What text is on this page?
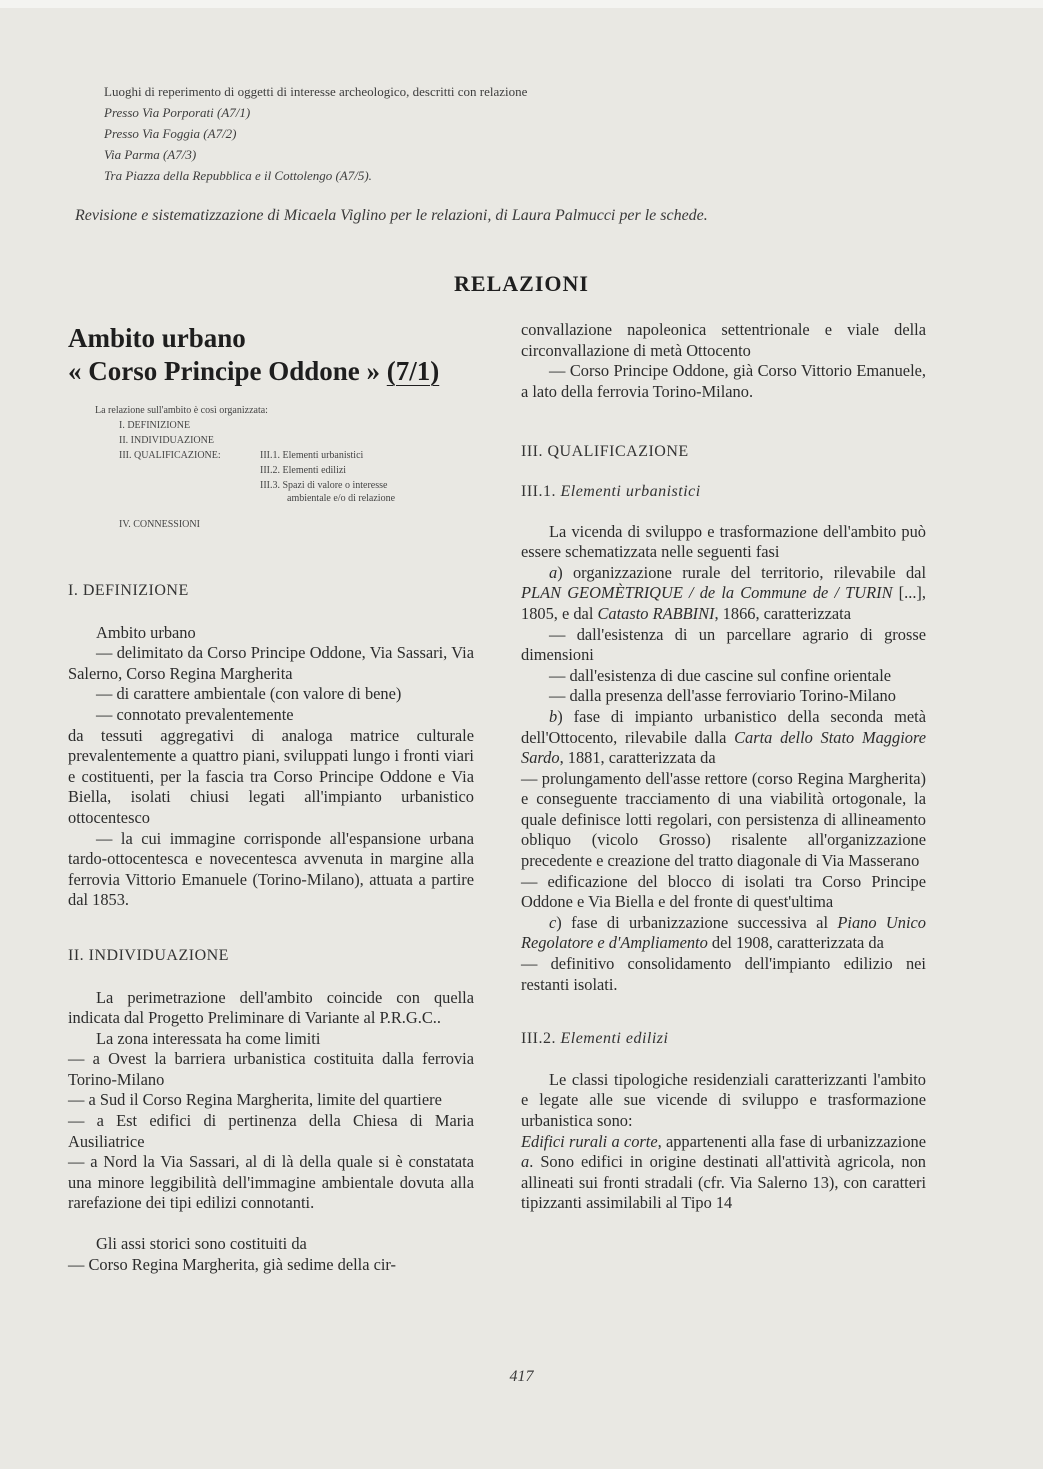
Luoghi di reperimento di oggetti di interesse archeologico, descritti con relazione

Presso Via Porporati (A7/1)

Presso Via Foggia (A7/2)

Via Parma (A7/3)

Tra Piazza della Repubblica e il Cottolengo (A7/5).

Revisione e sistematizzazione di Micaela Viglino per le relazioni, di Laura Palmucci per le schede.

RELAZIONI
Ambito urbano
« Corso Principe Oddone » (7/1)
La relazione sull'ambito è così organizzata:
I. DEFINIZIONE
II. INDIVIDUAZIONE
III. QUALIFICAZIONE:	III.1. Elementi urbanistici
III.2. Elementi edilizi
III.3. Spazi di valore o interesse
ambientale e/o di relazione
IV. CONNESSIONI
I. DEFINIZIONE

Ambito urbano

— delimitato da Corso Principe Oddone, Via Sassari, Via Salerno, Corso Regina Margherita

— di carattere ambientale (con valore di bene)

— connotato prevalentemente

da tessuti aggregativi di analoga matrice culturale prevalentemente a quattro piani, sviluppati lungo i fronti viari e costituenti, per la fascia tra Corso Principe Oddone e Via Biella, isolati chiusi legati all'impianto urbanistico ottocentesco

— la cui immagine corrisponde all'espansione urbana tardo-ottocentesca e novecentesca avvenuta in margine alla ferrovia Vittorio Emanuele (Torino-Milano), attuata a partire dal 1853.

II. INDIVIDUAZIONE

La perimetrazione dell'ambito coincide con quella indicata dal Progetto Preliminare di Variante al P.R.G.C..

La zona interessata ha come limiti

— a Ovest la barriera urbanistica costituita dalla ferrovia Torino-Milano

— a Sud il Corso Regina Margherita, limite del quartiere

— a Est edifici di pertinenza della Chiesa di Maria Ausiliatrice

— a Nord la Via Sassari, al di là della quale si è constatata una minore leggibilità dell'immagine ambientale dovuta alla rarefazione dei tipi edilizi connotanti.

Gli assi storici sono costituiti da

— Corso Regina Margherita, già sedime della cir-

convallazione napoleonica settentrionale e viale della circonvallazione di metà Ottocento

— Corso Principe Oddone, già Corso Vittorio Emanuele, a lato della ferrovia Torino-Milano.

III. QUALIFICAZIONE
III.1. Elementi urbanistici

La vicenda di sviluppo e trasformazione dell'ambito può essere schematizzata nelle seguenti fasi

a) organizzazione rurale del territorio, rilevabile dal PLAN GEOMÈTRIQUE / de la Commune de / TURIN [...], 1805, e dal Catasto RABBINI, 1866, caratterizzata

— dall'esistenza di un parcellare agrario di grosse dimensioni

— dall'esistenza di due cascine sul confine orientale

— dalla presenza dell'asse ferroviario Torino-Milano

b) fase di impianto urbanistico della seconda metà dell'Ottocento, rilevabile dalla Carta dello Stato Maggiore Sardo, 1881, caratterizzata da

— prolungamento dell'asse rettore (corso Regina Margherita) e conseguente tracciamento di una viabilità ortogonale, la quale definisce lotti regolari, con persistenza di allineamento obliquo (vicolo Grosso) risalente all'organizzazione precedente e creazione del tratto diagonale di Via Masserano

— edificazione del blocco di isolati tra Corso Principe Oddone e Via Biella e del fronte di quest'ultima

c) fase di urbanizzazione successiva al Piano Unico Regolatore e d'Ampliamento del 1908, caratterizzata da

— definitivo consolidamento dell'impianto edilizio nei restanti isolati.

III.2. Elementi edilizi

Le classi tipologiche residenziali caratterizzanti l'ambito e legate alle sue vicende di sviluppo e trasformazione urbanistica sono:

Edifici rurali a corte, appartenenti alla fase di urbanizzazione a. Sono edifici in origine destinati all'attività agricola, non allineati sui fronti stradali (cfr. Via Salerno 13), con caratteri tipizzanti assimilabili al Tipo 14

417
